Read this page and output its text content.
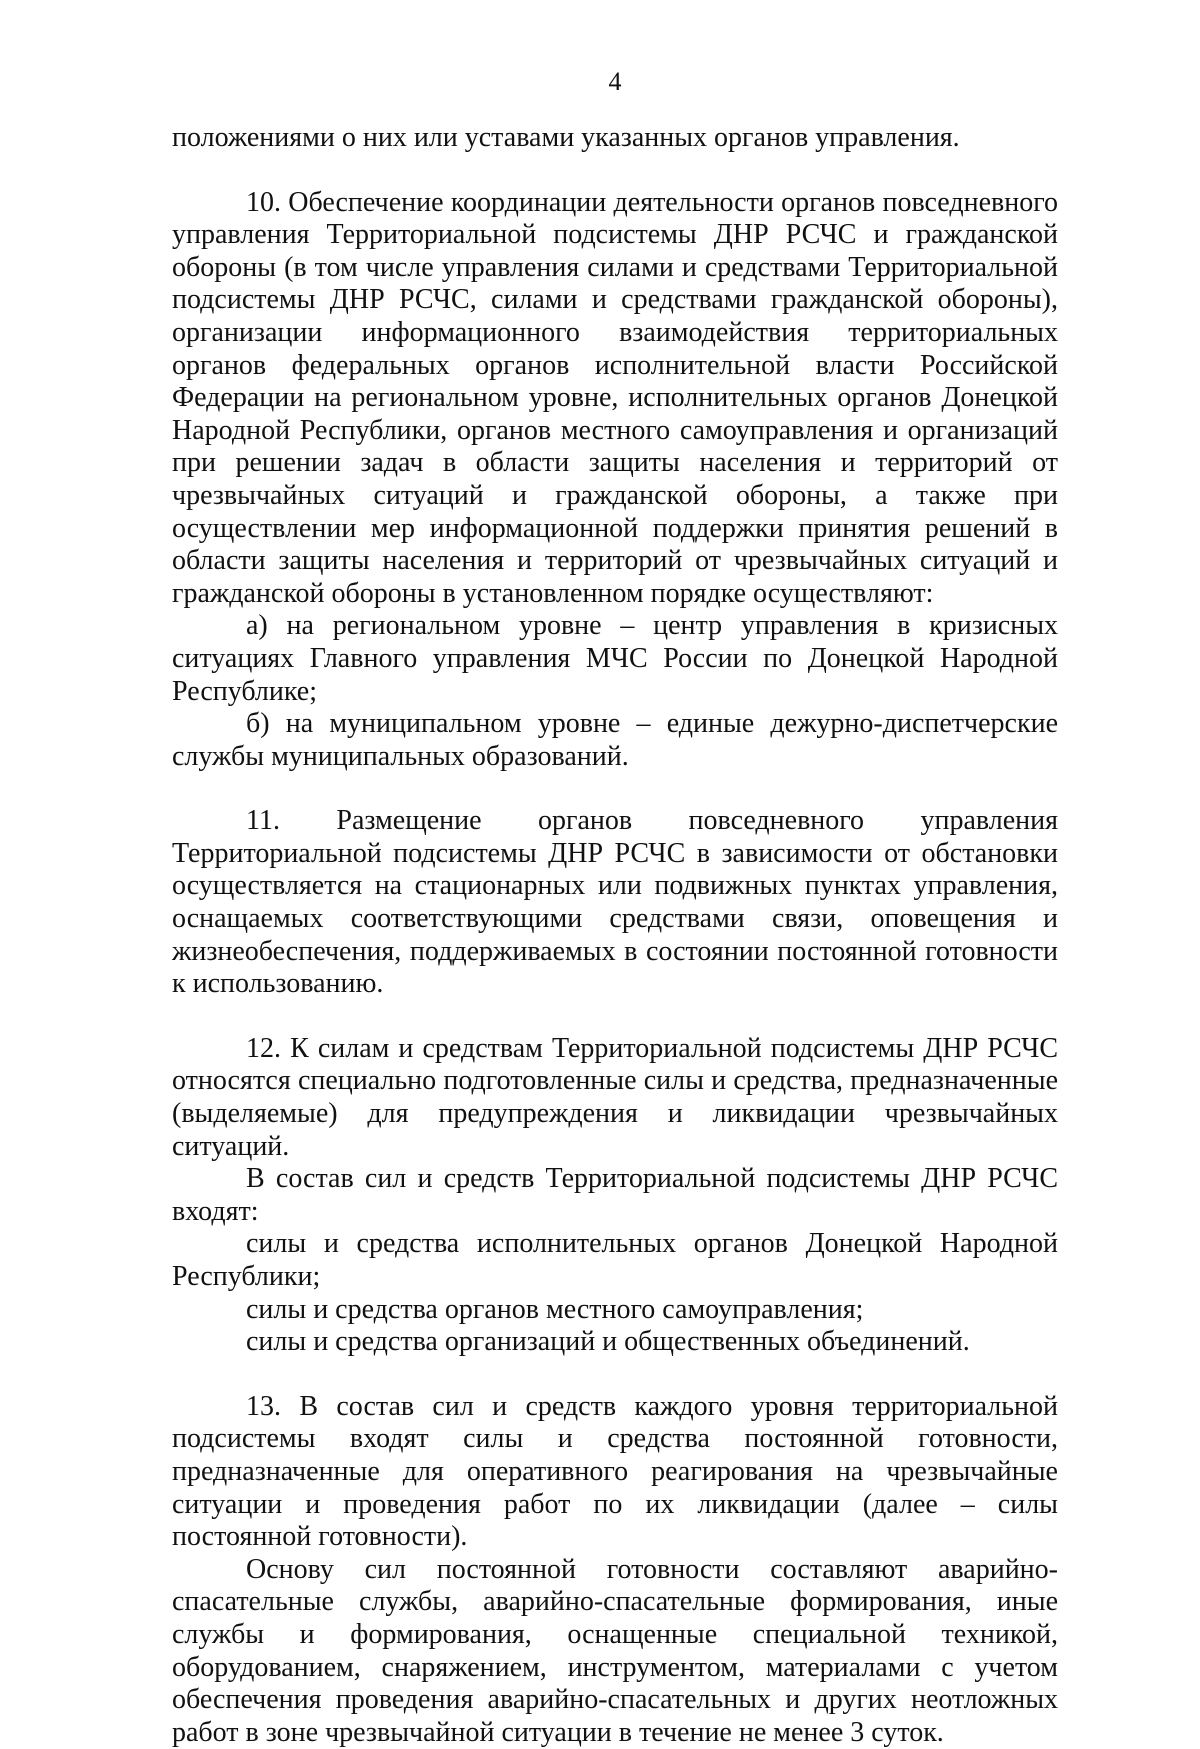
4

положениями о них или уставами указанных органов управления.

10. Обеспечение координации деятельности органов повседневного управления Территориальной подсистемы ДНР РСЧС и гражданской обороны (в том числе управления силами и средствами Территориальной подсистемы ДНР РСЧС, силами и средствами гражданской обороны), организации информационного взаимодействия территориальных органов федеральных органов исполнительной власти Российской Федерации на региональном уровне, исполнительных органов Донецкой Народной Республики, органов местного самоуправления и организаций при решении задач в области защиты населения и территорий от чрезвычайных ситуаций и гражданской обороны, а также при осуществлении мер информационной поддержки принятия решений в области защиты населения и территорий от чрезвычайных ситуаций и гражданской обороны в установленном порядке осуществляют:

а) на региональном уровне – центр управления в кризисных ситуациях Главного управления МЧС России по Донецкой Народной Республике;

б) на муниципальном уровне – единые дежурно-диспетчерские службы муниципальных образований.

11. Размещение органов повседневного управления Территориальной подсистемы ДНР РСЧС в зависимости от обстановки осуществляется на стационарных или подвижных пунктах управления, оснащаемых соответствующими средствами связи, оповещения и жизнеобеспечения, поддерживаемых в состоянии постоянной готовности к использованию.

12. К силам и средствам Территориальной подсистемы ДНР РСЧС относятся специально подготовленные силы и средства, предназначенные (выделяемые) для предупреждения и ликвидации чрезвычайных ситуаций.

В состав сил и средств Территориальной подсистемы ДНР РСЧС входят:

силы и средства исполнительных органов Донецкой Народной Республики;

силы и средства органов местного самоуправления;

силы и средства организаций и общественных объединений.

13. В состав сил и средств каждого уровня территориальной подсистемы входят силы и средства постоянной готовности, предназначенные для оперативного реагирования на чрезвычайные ситуации и проведения работ по их ликвидации (далее – силы постоянной готовности).

Основу сил постоянной готовности составляют аварийно-спасательные службы, аварийно-спасательные формирования, иные службы и формирования, оснащенные специальной техникой, оборудованием, снаряжением, инструментом, материалами с учетом обеспечения проведения аварийно-спасательных и других неотложных работ в зоне чрезвычайной ситуации в течение не менее 3 суток.
